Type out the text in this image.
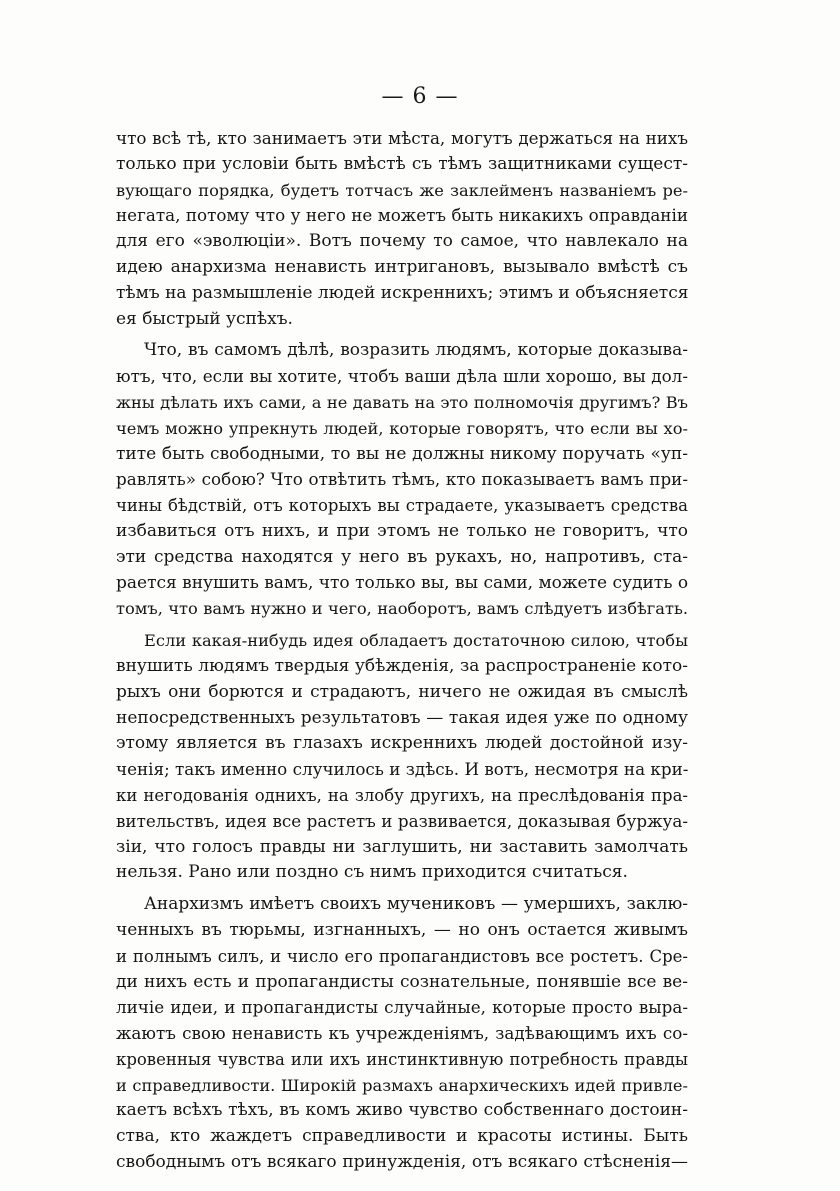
— 6 —
что всѣ тѣ, кто занимаетъ эти мѣста, могутъ держаться на нихъ
только при условіи быть вмѣстѣ съ тѣмъ защитниками сущест-
вующаго порядка, будетъ тотчасъ же заклейменъ названіемъ ре-
негата, потому что у него не можетъ быть никакихъ оправданіи
для его «эволюціи». Вотъ почему то самое, что навлекало на
идею анархизма ненависть интригановъ, вызывало вмѣстѣ съ
тѣмъ на размышленіе людей искреннихъ; этимъ и объясняется
ея быстрый успѣхъ.
Что, въ самомъ дѣлѣ, возразить людямъ, которые доказыва-
ютъ, что, если вы хотите, чтобъ ваши дѣла шли хорошо, вы дол-
жны дѣлать ихъ сами, а не давать на это полномочія другимъ? Въ
чемъ можно упрекнуть людей, которые говорятъ, что если вы хо-
тите быть свободными, то вы не должны никому поручать «уп-
равлять» собою? Что отвѣтить тѣмъ, кто показываетъ вамъ при-
чины бѣдствій, отъ которыхъ вы страдаете, указываетъ средства
избавиться отъ нихъ, и при этомъ не только не говоритъ, что
эти средства находятся у него въ рукахъ, но, напротивъ, ста-
рается внушить вамъ, что только вы, вы сами, можете судить о
томъ, что вамъ нужно и чего, наоборотъ, вамъ слѣдуетъ избѣгать.
Если какая-нибудь идея обладаетъ достаточною силою, чтобы
внушить людямъ твердыя убѣжденія, за распространеніе кото-
рыхъ они борются и страдаютъ, ничего не ожидая въ смыслѣ
непосредственныхъ результатовъ — такая идея уже по одному
этому является въ глазахъ искреннихъ людей достойной изу-
ченія; такъ именно случилось и здѣсь. И вотъ, несмотря на кри-
ки негодованія однихъ, на злобу другихъ, на преслѣдованія пра-
вительствъ, идея все растетъ и развивается, доказывая буржуа-
зіи, что голосъ правды ни заглушить, ни заставить замолчать
нельзя. Рано или поздно съ нимъ приходится считаться.
Анархизмъ имѣетъ своихъ мучениковъ — умершихъ, заклю-
ченныхъ въ тюрьмы, изгнанныхъ, — но онъ остается живымъ
и полнымъ силъ, и число его пропагандистовъ все ростетъ. Сре-
ди нихъ есть и пропагандисты сознательные, понявшіе все ве-
личіе идеи, и пропагандисты случайные, которые просто выра-
жаютъ свою ненависть къ учрежденіямъ, задѣвающимъ ихъ со-
кровенныя чувства или ихъ инстинктивную потребность правды
и справедливости. Широкій размахъ анархическихъ идей привле-
каетъ всѣхъ тѣхъ, въ комъ живо чувство собственнаго достоин-
ства, кто жаждетъ справедливости и красоты истины. Быть
свободнымъ отъ всякаго принужденія, отъ всякаго стѣсненія—
